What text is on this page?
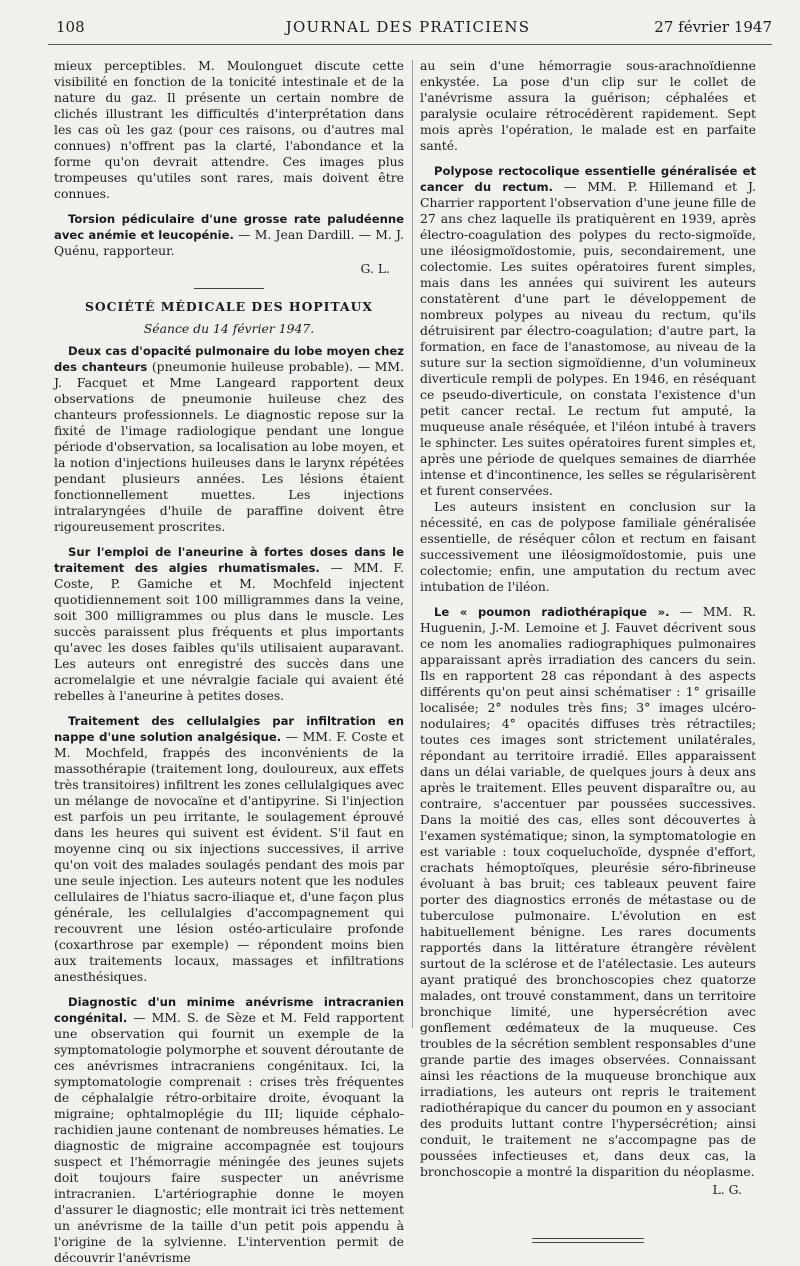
108	JOURNAL DES PRATICIENS	27 février 1947

mieux perceptibles. M. Moulonguet discute cette visibilité en fonction de la tonicité intestinale et de la nature du gaz. Il présente un certain nombre de clichés illustrant les difficultés d'interprétation dans les cas où les gaz (pour ces raisons, ou d'autres mal connues) n'offrent pas la clarté, l'abondance et la forme qu'on devrait attendre. Ces images plus trompeuses qu'utiles sont rares, mais doivent être connues.

Torsion pédiculaire d'une grosse rate paludéenne avec anémie et leucopénie. — M. Jean Dardill. — M. J. Quénu, rapporteur.

G. L.

SOCIÉTÉ MÉDICALE DES HOPITAUX

Séance du 14 février 1947.

Deux cas d'opacité pulmonaire du lobe moyen chez des chanteurs (pneumonie huileuse probable). — MM. J. Facquet et Mme Langeard rapportent deux observations de pneumonie huileuse chez des chanteurs professionnels. Le diagnostic repose sur la fixité de l'image radiologique pendant une longue période d'observation, sa localisation au lobe moyen, et la notion d'injections huileuses dans le larynx répétées pendant plusieurs années. Les lésions étaient fonctionnellement muettes. Les injections intralaryngées d'huile de paraffine doivent être rigoureusement proscrites.

Sur l'emploi de l'aneurine à fortes doses dans le traitement des algies rhumatismales. — MM. F. Coste, P. Gamiche et M. Mochfeld injectent quotidiennement soit 100 milligrammes dans la veine, soit 300 milligrammes ou plus dans le muscle. Les succès paraissent plus fréquents et plus importants qu'avec les doses faibles qu'ils utilisaient auparavant. Les auteurs ont enregistré des succès dans une acromelalgie et une névralgie faciale qui avaient été rebelles à l'aneurine à petites doses.

Traitement des cellulalgies par infiltration en nappe d'une solution analgésique. — MM. F. Coste et M. Mochfeld, frappés des inconvénients de la massothérapie (traitement long, douloureux, aux effets très transitoires) infiltrent les zones cellulalgiques avec un mélange de novocaïne et d'antipyrine. Si l'injection est parfois un peu irritante, le soulagement éprouvé dans les heures qui suivent est évident. S'il faut en moyenne cinq ou six injections successives, il arrive qu'on voit des malades soulagés pendant des mois par une seule injection. Les auteurs notent que les nodules cellulaires de l'hiatus sacro-iliaque et, d'une façon plus générale, les cellulalgies d'accompagnement qui recouvrent une lésion ostéo-articulaire profonde (coxarthrose par exemple) — répondent moins bien aux traitements locaux, massages et infiltrations anesthésiques.

Diagnostic d'un minime anévrisme intracranien congénital. — MM. S. de Sèze et M. Feld rapportent une observation qui fournit un exemple de la symptomatologie polymorphe et souvent déroutante de ces anévrismes intracraniens congénitaux. Ici, la symptomatologie comprenait : crises très fréquentes de céphalalgie rétro-orbitaire droite, évoquant la migraine; ophtalmoplégie du III; liquide céphalo-rachidien jaune contenant de nombreuses hématies. Le diagnostic de migraine accompagnée est toujours suspect et l'hémorragie méningée des jeunes sujets doit toujours faire suspecter un anévrisme intracranien. L'artériographie donne le moyen d'assurer le diagnostic; elle montrait ici très nettement un anévrisme de la taille d'un petit pois appendu à l'origine de la sylvienne. L'intervention permit de découvrir l'anévrisme

au sein d'une hémorragie sous-arachnoïdienne enkystée. La pose d'un clip sur le collet de l'anévrisme assura la guérison; céphalées et paralysie oculaire rétrocédèrent rapidement. Sept mois après l'opération, le malade est en parfaite santé.

Polypose rectocolique essentielle généralisée et cancer du rectum. — MM. P. Hillemand et J. Charrier rapportent l'observation d'une jeune fille de 27 ans chez laquelle ils pratiquèrent en 1939, après électro-coagulation des polypes du recto-sigmoïde, une iléosigmoïdostomie, puis, secondairement, une colectomie. Les suites opératoires furent simples, mais dans les années qui suivirent les auteurs constatèrent d'une part le développement de nombreux polypes au niveau du rectum, qu'ils détruisirent par électro-coagulation; d'autre part, la formation, en face de l'anastomose, au niveau de la suture sur la section sigmoïdienne, d'un volumineux diverticule rempli de polypes. En 1946, en réséquant ce pseudo-diverticule, on constata l'existence d'un petit cancer rectal. Le rectum fut amputé, la muqueuse anale réséquée, et l'iléon intubé à travers le sphincter. Les suites opératoires furent simples et, après une période de quelques semaines de diarrhée intense et d'incontinence, les selles se régularisèrent et furent conservées.

Les auteurs insistent en conclusion sur la nécessité, en cas de polypose familiale généralisée essentielle, de réséquer côlon et rectum en faisant successivement une iléosigmoïdostomie, puis une colectomie; enfin, une amputation du rectum avec intubation de l'iléon.

Le « poumon radiothérapique ». — MM. R. Huguenin, J.-M. Lemoine et J. Fauvet décrivent sous ce nom les anomalies radiographiques pulmonaires apparaissant après irradiation des cancers du sein. Ils en rapportent 28 cas répondant à des aspects différents qu'on peut ainsi schématiser : 1° grisaille localisée; 2° nodules très fins; 3° images ulcéro-nodulaires; 4° opacités diffuses très rétractiles; toutes ces images sont strictement unilatérales, répondant au territoire irradié. Elles apparaissent dans un délai variable, de quelques jours à deux ans après le traitement. Elles peuvent disparaître ou, au contraire, s'accentuer par poussées successives. Dans la moitié des cas, elles sont découvertes à l'examen systématique; sinon, la symptomatologie en est variable : toux coqueluchoïde, dyspnée d'effort, crachats hémoptoïques, pleurésie séro-fibrineuse évoluant à bas bruit; ces tableaux peuvent faire porter des diagnostics erronés de métastase ou de tuberculose pulmonaire. L'évolution en est habituellement bénigne. Les rares documents rapportés dans la littérature étrangère révèlent surtout de la sclérose et de l'atélectasie. Les auteurs ayant pratiqué des bronchoscopies chez quatorze malades, ont trouvé constamment, dans un territoire bronchique limité, une hypersécrétion avec gonflement œdémateux de la muqueuse. Ces troubles de la sécrétion semblent responsables d'une grande partie des images observées. Connaissant ainsi les réactions de la muqueuse bronchique aux irradiations, les auteurs ont repris le traitement radiothérapique du cancer du poumon en y associant des produits luttant contre l'hypersécrétion; ainsi conduit, le traitement ne s'accompagne pas de poussées infectieuses et, dans deux cas, la bronchoscopie a montré la disparition du néoplasme.

L. G.
